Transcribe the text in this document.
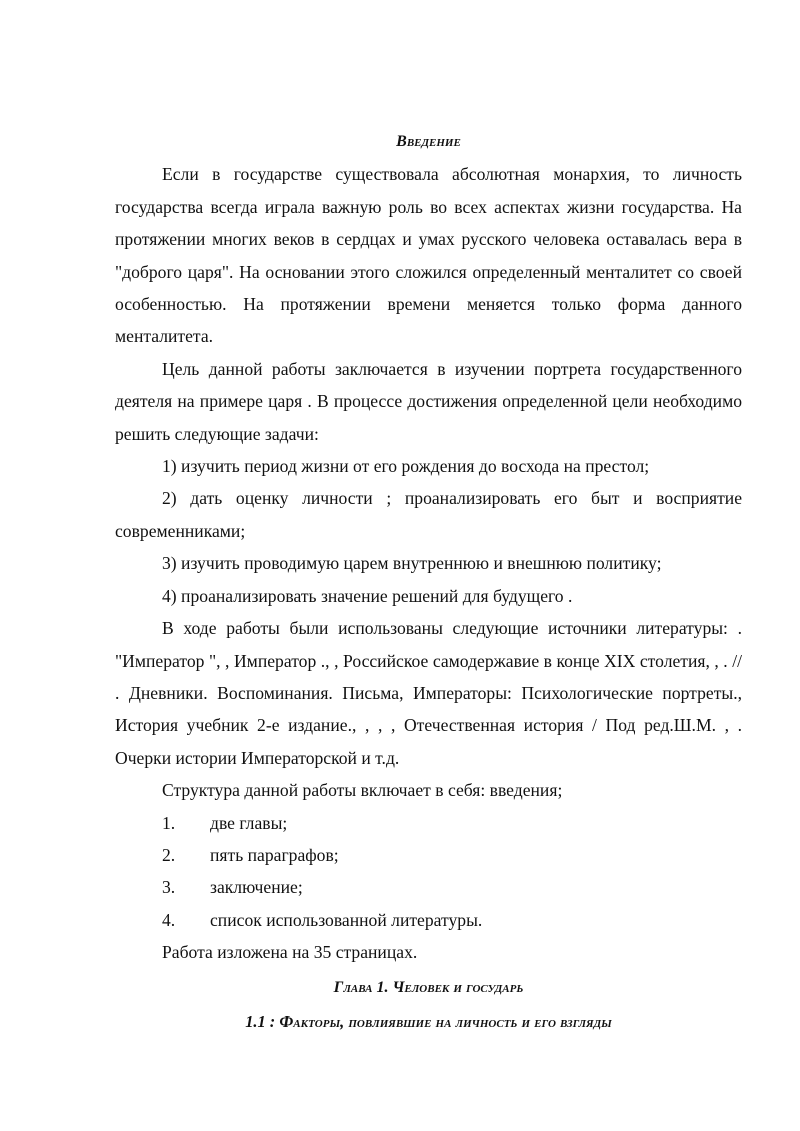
Введение

Если в государстве существовала абсолютная монархия, то личность государства всегда играла важную роль во всех аспектах жизни государства. На протяжении многих веков в сердцах и умах русского человека оставалась вера в "доброго царя". На основании этого сложился определенный менталитет со своей особенностью. На протяжении времени меняется только форма данного менталитета.

Цель данной работы заключается в изучении портрета государственного деятеля на примере царя . В процессе достижения определенной цели необходимо решить следующие задачи:

1) изучить период жизни от его рождения до восхода на престол;

2) дать оценку личности ; проанализировать его быт и восприятие современниками;

3) изучить проводимую царем внутреннюю и внешнюю политику;

4) проанализировать значение решений для будущего .

В ходе работы были использованы следующие источники литературы: . "Император ", , Император ., , Российское самодержавие в конце XIX столетия, , . // . Дневники. Воспоминания. Письма, Императоры: Психологические портреты., История учебник 2-е издание., , , , Отечественная история / Под ред.Ш.М. , . Очерки истории Императорской и т.д.

Структура данной работы включает в себя: введения;

1.	две главы;
2.	пять параграфов;
3.	заключение;
4.	список использованной литературы.

Работа изложена на 35 страницах.

Глава 1. Человек и государь

1.1 : Факторы, повлиявшие на личность и его взгляды
